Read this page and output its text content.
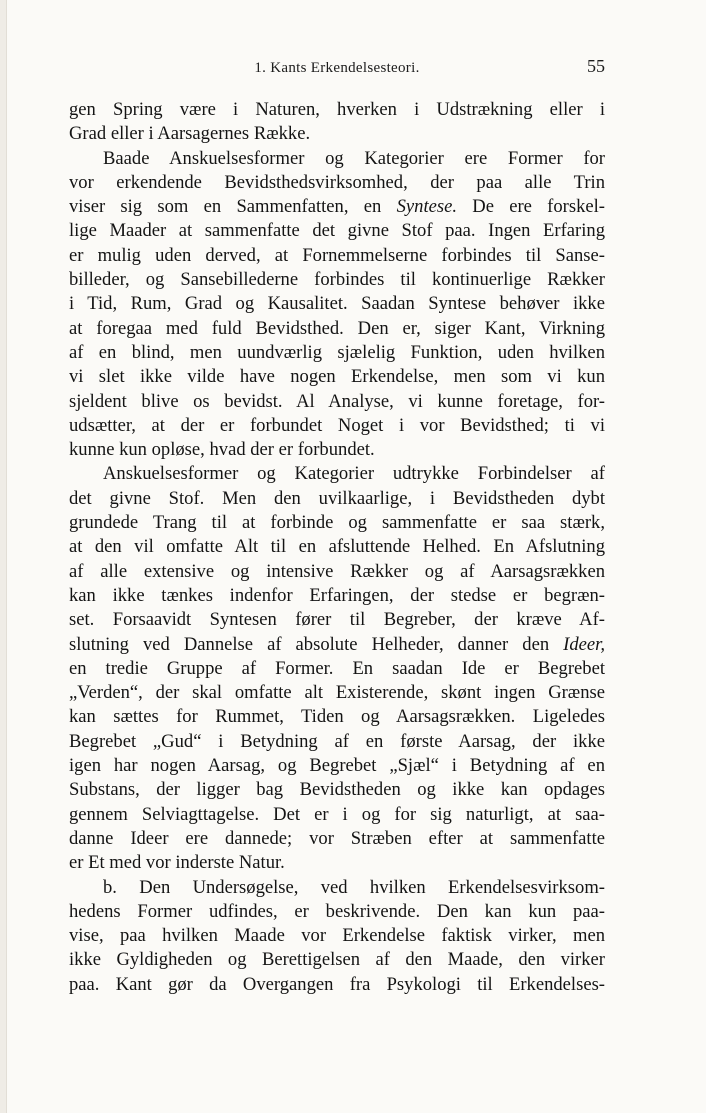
1. Kants Erkendelsesteori.	55
gen Spring være i Naturen, hverken i Udstrækning eller i
Grad eller i Aarsagernes Række.
Baade Anskuelsesformer og Kategorier ere Former for
vor erkendende Bevidsthedsvirksomhed, der paa alle Trin
viser sig som en Sammenfatten, en Syntese. De ere forskel-
lige Maader at sammenfatte det givne Stof paa. Ingen Erfaring
er mulig uden derved, at Fornemmelserne forbindes til Sanse-
billeder, og Sansebillederne forbindes til kontinuerlige Rækker
i Tid, Rum, Grad og Kausalitet. Saadan Syntese behøver ikke
at foregaa med fuld Bevidsthed. Den er, siger Kant, Virkning
af en blind, men uundværlig sjælelig Funktion, uden hvilken
vi slet ikke vilde have nogen Erkendelse, men som vi kun
sjeldent blive os bevidst. Al Analyse, vi kunne foretage, for-
udsætter, at der er forbundet Noget i vor Bevidsthed; ti vi
kunne kun opløse, hvad der er forbundet.
Anskuelsesformer og Kategorier udtrykke Forbindelser af
det givne Stof. Men den uvilkaarlige, i Bevidstheden dybt
grundede Trang til at forbinde og sammenfatte er saa stærk,
at den vil omfatte Alt til en afsluttende Helhed. En Afslutning
af alle extensive og intensive Rækker og af Aarsagsrækken
kan ikke tænkes indenfor Erfaringen, der stedse er begræn-
set. Forsaavidt Syntesen fører til Begreber, der kræve Af-
slutning ved Dannelse af absolute Helheder, danner den Ideer,
en tredie Gruppe af Former. En saadan Ide er Begrebet
„Verden“, der skal omfatte alt Existerende, skønt ingen Grænse
kan sættes for Rummet, Tiden og Aarsagsrækken. Ligeledes
Begrebet „Gud“ i Betydning af en første Aarsag, der ikke
igen har nogen Aarsag, og Begrebet „Sjæl“ i Betydning af en
Substans, der ligger bag Bevidstheden og ikke kan opdages
gennem Selviagttagelse. Det er i og for sig naturligt, at saa-
danne Ideer ere dannede; vor Stræben efter at sammenfatte
er Et med vor inderste Natur.
b. Den Undersøgelse, ved hvilken Erkendelsesvirksom-
hedens Former udfindes, er beskrivende. Den kan kun paa-
vise, paa hvilken Maade vor Erkendelse faktisk virker, men
ikke Gyldigheden og Berettigelsen af den Maade, den virker
paa. Kant gør da Overgangen fra Psykologi til Erkendelses-
